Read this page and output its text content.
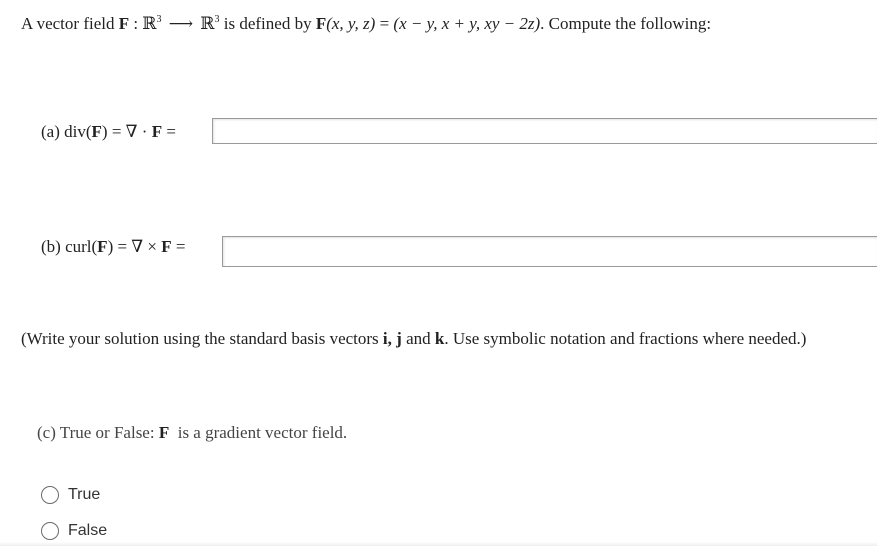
A vector field F : ℝ$^3$ ⟶ ℝ$^3$ is defined by F(x, y, z) = (x − y, x + y, xy − 2z). Compute the following:
(a) div(F) = ∇ · F =
(b) curl(F) = ∇ × F =
(Write your solution using the standard basis vectors i, j and k. Use symbolic notation and fractions where needed.)
(c) True or False: F  is a gradient vector field.
True
False
